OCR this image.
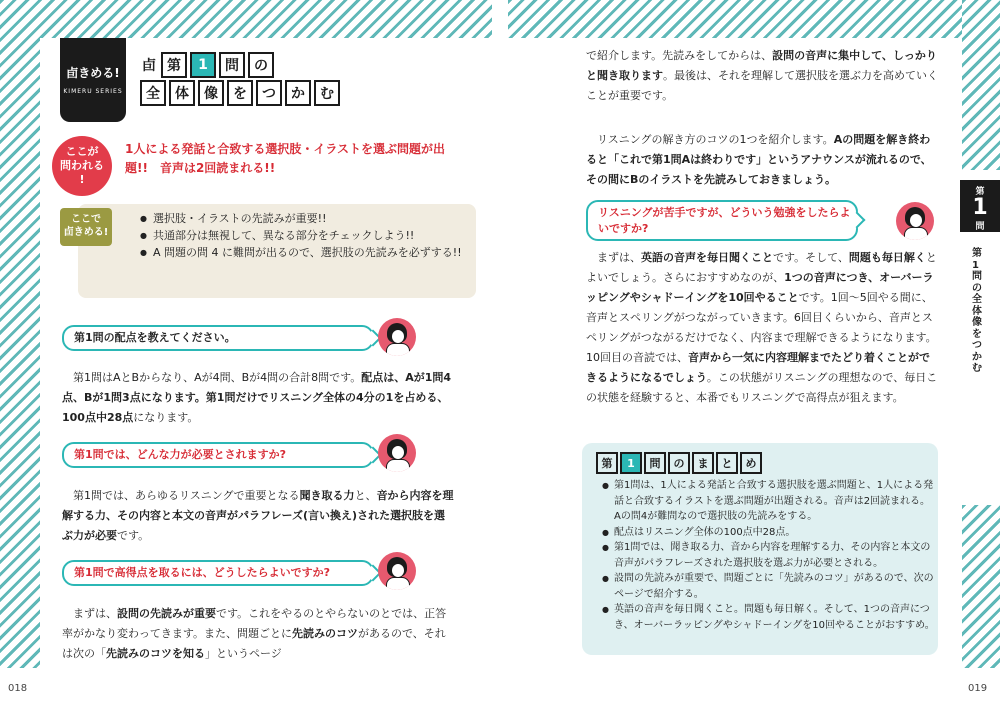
卣きめる!
KIMERU SERIES
卣 第	1	問	の
全	体	像	を	つ	か	む
ここが
問われる
!
1人による発話と合致する選択肢・イラストを選ぶ問題が出題!!　音声は2回読まれる!!
ここで
卣きめる!
● 選択肢・イラストの先読みが重要!!
● 共通部分は無視して、異なる部分をチェックしよう!!
● A 問題の問 4 に難問が出るので、選択肢の先読みを必ずする!!
第1問の配点を教えてください。

　第1問はAとBからなり、Aが4問、Bが4問の合計8問です。配点は、Aが1問4点、Bが1問3点になります。第1問だけでリスニング全体の4分の1を占める、100点中28点になります。

第1問では、どんな力が必要とされますか?

　第1問では、あらゆるリスニングで重要となる聞き取る力と、音から内容を理解する力、その内容と本文の音声がパラフレーズ(言い換え)された選択肢を選ぶ力が必要です。

第1問で高得点を取るには、どうしたらよいですか?

　まずは、設問の先読みが重要です。これをやるのとやらないのとでは、正答率がかなり変わってきます。また、問題ごとに先読みのコツがあるので、それは次の「先読みのコツを知る」というページ

018

で紹介します。先読みをしてからは、設問の音声に集中して、しっかりと聞き取ります。最後は、それを理解して選択肢を選ぶ力を高めていくことが重要です。

　リスニングの解き方のコツの1つを紹介します。Aの問題を解き終わると「これで第1問Aは終わりです」というアナウンスが流れるので、その間にBのイラストを先読みしておきましょう。

リスニングが苦手ですが、どういう勉強をしたらよいですか?

　まずは、英語の音声を毎日聞くことです。そして、問題も毎日解くとよいでしょう。さらにおすすめなのが、1つの音声につき、オーバーラッピングやシャドーイングを10回やることです。1回～5回やる間に、音声とスペリングがつながっていきます。6回目くらいから、音声とスペリングがつながるだけでなく、内容まで理解できるようになります。10回目の音読では、音声から一気に内容理解までたどり着くことができるようになるでしょう。この状態がリスニングの理想なので、毎日この状態を経験すると、本番でもリスニングで高得点が狙えます。

第	1	問	の	ま	と	め
● 第1問は、1人による発話と合致する選択肢を選ぶ問題と、1人による発話と合致するイラストを選ぶ問題が出題される。音声は2回読まれる。Aの問4が難問なので選択肢の先読みをする。
● 配点はリスニング全体の100点中28点。
● 第1問では、聞き取る力、音から内容を理解する力、その内容と本文の音声がパラフレーズされた選択肢を選ぶ力が必要とされる。
● 設問の先読みが重要で、問題ごとに「先読みのコツ」があるので、次のページで紹介する。
● 英語の音声を毎日聞くこと。問題も毎日解く。そして、1つの音声につき、オーバーラッピングやシャドーイングを10回やることがおすすめ。
第
1
問
第1問の全体像をつかむ
019
